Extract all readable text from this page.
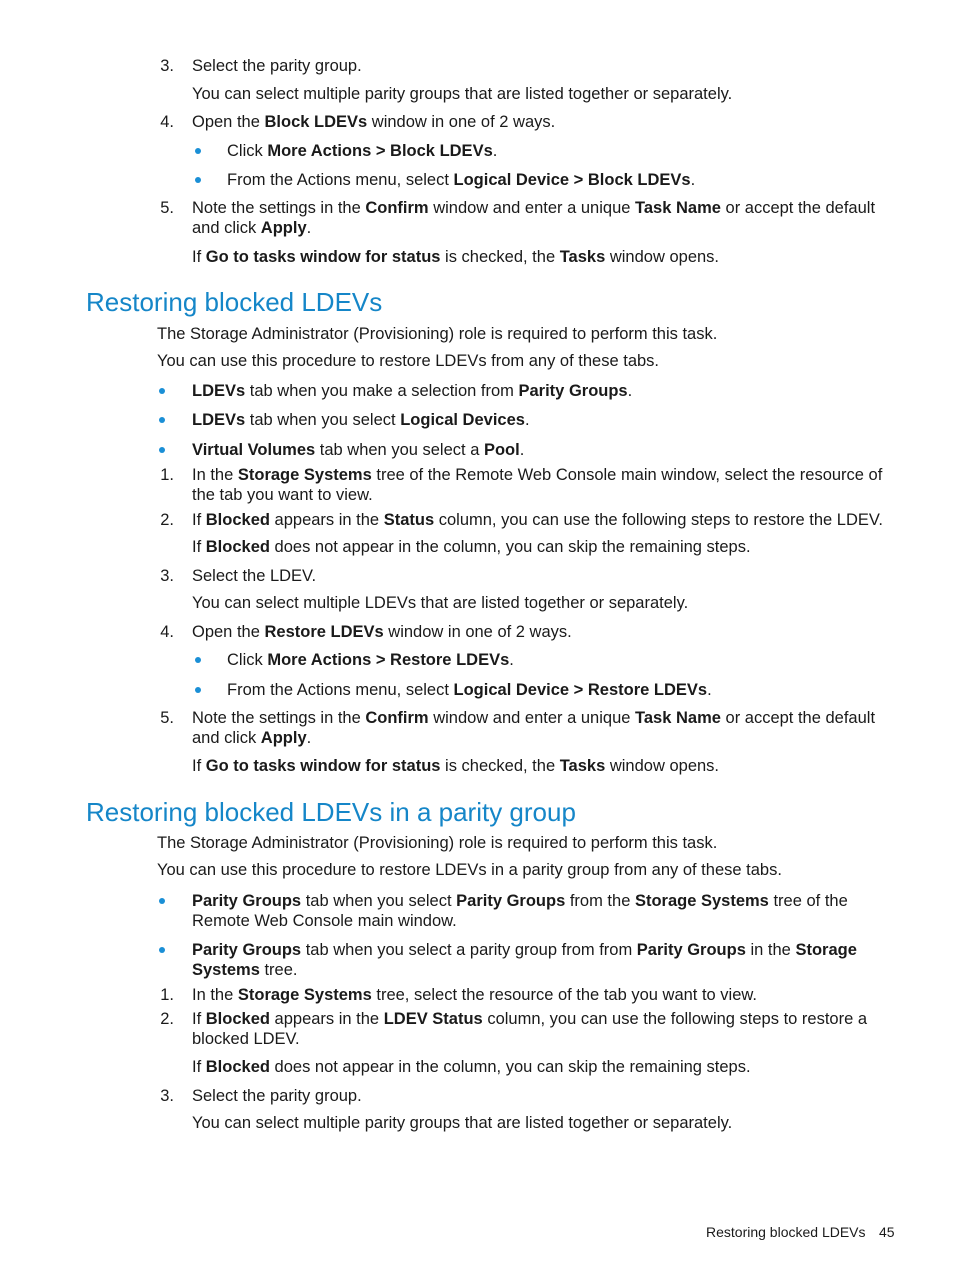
3. Select the parity group.
You can select multiple parity groups that are listed together or separately.
4. Open the Block LDEVs window in one of 2 ways.
Click More Actions > Block LDEVs.
From the Actions menu, select Logical Device > Block LDEVs.
5. Note the settings in the Confirm window and enter a unique Task Name or accept the default and click Apply.
If Go to tasks window for status is checked, the Tasks window opens.
Restoring blocked LDEVs
The Storage Administrator (Provisioning) role is required to perform this task.
You can use this procedure to restore LDEVs from any of these tabs.
LDEVs tab when you make a selection from Parity Groups.
LDEVs tab when you select Logical Devices.
Virtual Volumes tab when you select a Pool.
1. In the Storage Systems tree of the Remote Web Console main window, select the resource of the tab you want to view.
2. If Blocked appears in the Status column, you can use the following steps to restore the LDEV.
If Blocked does not appear in the column, you can skip the remaining steps.
3. Select the LDEV.
You can select multiple LDEVs that are listed together or separately.
4. Open the Restore LDEVs window in one of 2 ways.
Click More Actions > Restore LDEVs.
From the Actions menu, select Logical Device > Restore LDEVs.
5. Note the settings in the Confirm window and enter a unique Task Name or accept the default and click Apply.
If Go to tasks window for status is checked, the Tasks window opens.
Restoring blocked LDEVs in a parity group
The Storage Administrator (Provisioning) role is required to perform this task.
You can use this procedure to restore LDEVs in a parity group from any of these tabs.
Parity Groups tab when you select Parity Groups from the Storage Systems tree of the Remote Web Console main window.
Parity Groups tab when you select a parity group from from Parity Groups in the Storage Systems tree.
1. In the Storage Systems tree, select the resource of the tab you want to view.
2. If Blocked appears in the LDEV Status column, you can use the following steps to restore a blocked LDEV.
If Blocked does not appear in the column, you can skip the remaining steps.
3. Select the parity group.
You can select multiple parity groups that are listed together or separately.
Restoring blocked LDEVs 45
